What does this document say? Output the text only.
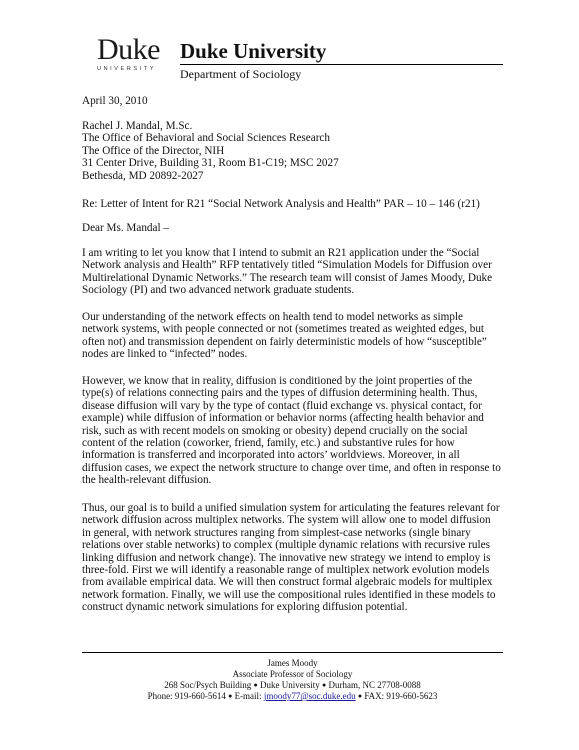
Duke
UNIVERSITY
Duke University
Department of Sociology
April 30, 2010
Rachel J. Mandal, M.Sc.
The Office of Behavioral and Social Sciences Research
The Office of the Director, NIH
31 Center Drive, Building 31, Room B1-C19; MSC 2027
Bethesda, MD 20892-2027
Re: Letter of Intent for R21 “Social Network Analysis and Health” PAR – 10 – 146 (r21)
Dear Ms. Mandal –

I am writing to let you know that I intend to submit an R21 application under the “Social Network analysis and Health” RFP tentatively titled “Simulation Models for Diffusion over Multirelational Dynamic Networks.” The research team will consist of James Moody, Duke Sociology (PI) and two advanced network graduate students.

Our understanding of the network effects on health tend to model networks as simple network systems, with people connected or not (sometimes treated as weighted edges, but often not) and transmission dependent on fairly deterministic models of how “susceptible” nodes are linked to “infected” nodes.

However, we know that in reality, diffusion is conditioned by the joint properties of the type(s) of relations connecting pairs and the types of diffusion determining health. Thus, disease diffusion will vary by the type of contact (fluid exchange vs. physical contact, for example) while diffusion of information or behavior norms (affecting health behavior and risk, such as with recent models on smoking or obesity) depend crucially on the social content of the relation (coworker, friend, family, etc.) and substantive rules for how information is transferred and incorporated into actors’ worldviews. Moreover, in all diffusion cases, we expect the network structure to change over time, and often in response to the health-relevant diffusion.

Thus, our goal is to build a unified simulation system for articulating the features relevant for network diffusion across multiplex networks. The system will allow one to model diffusion in general, with network structures ranging from simplest-case networks (single binary relations over stable networks) to complex (multiple dynamic relations with recursive rules linking diffusion and network change). The innovative new strategy we intend to employ is three-fold. First we will identify a reasonable range of multiplex network evolution models from available empirical data. We will then construct formal algebraic models for multiplex network formation. Finally, we will use the compositional rules identified in these models to construct dynamic network simulations for exploring diffusion potential.

James Moody
Associate Professor of Sociology
268 Soc/Psych Building ● Duke University ● Durham, NC 27708-0088
Phone: 919-660-5614 ● E-mail: jmoody77@soc.duke.edu ● FAX: 919-660-5623
